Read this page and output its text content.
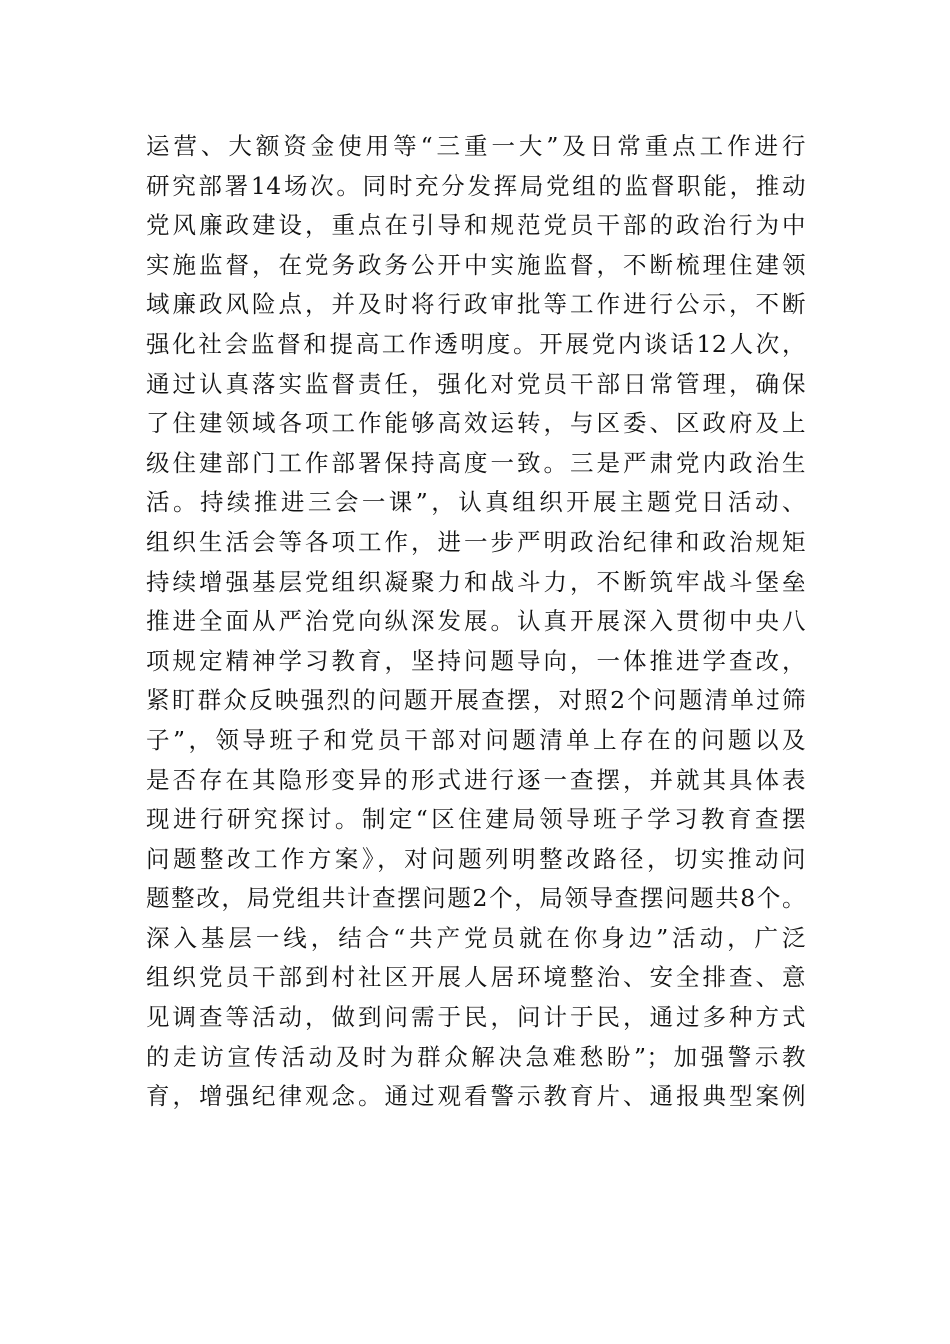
运营、大额资金使用等“三重一大”及日常重点工作进行
研究部署14场次。同时充分发挥局党组的监督职能，推动
党风廉政建设，重点在引导和规范党员干部的政治行为中
实施监督，在党务政务公开中实施监督，不断梳理住建领
域廉政风险点，并及时将行政审批等工作进行公示，不断
强化社会监督和提高工作透明度。开展党内谈话12人次，
通过认真落实监督责任，强化对党员干部日常管理，确保
了住建领域各项工作能够高效运转，与区委、区政府及上
级住建部门工作部署保持高度一致。三是严肃党内政治生
活。持续推进三会一课”，认真组织开展主题党日活动、
组织生活会等各项工作，进一步严明政治纪律和政治规矩
持续增强基层党组织凝聚力和战斗力，不断筑牢战斗堡垒
推进全面从严治党向纵深发展。认真开展深入贯彻中央八
项规定精神学习教育，坚持问题导向，一体推进学查改，
紧盯群众反映强烈的问题开展查摆，对照2个问题清单过筛
子”，领导班子和党员干部对问题清单上存在的问题以及
是否存在其隐形变异的形式进行逐一查摆，并就其具体表
现进行研究探讨。制定“区住建局领导班子学习教育查摆
问题整改工作方案》，对问题列明整改路径，切实推动问
题整改，局党组共计查摆问题2个，局领导查摆问题共8个。
深入基层一线，结合“共产党员就在你身边”活动，广泛
组织党员干部到村社区开展人居环境整治、安全排查、意
见调查等活动，做到问需于民，问计于民，通过多种方式
的走访宣传活动及时为群众解决急难愁盼”；加强警示教
育，增强纪律观念。通过观看警示教育片、通报典型案例
